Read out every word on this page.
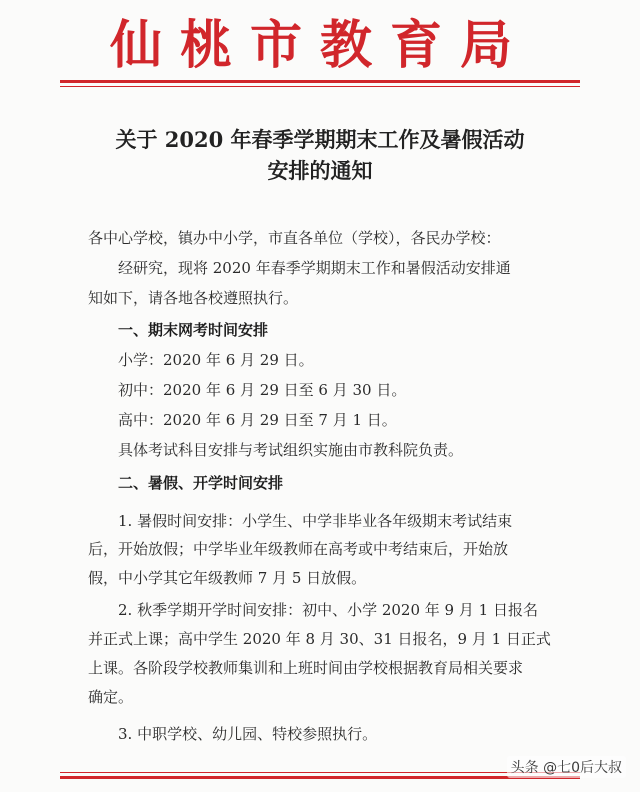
仙桃市教育局
关于 2020 年春季学期期末工作及暑假活动
安排的通知
各中心学校，镇办中小学，市直各单位（学校），各民办学校：
经研究，现将 2020 年春季学期期末工作和暑假活动安排通
知如下，请各地各校遵照执行。
一、期末网考时间安排
小学：2020 年 6 月 29 日。
初中：2020 年 6 月 29 日至 6 月 30 日。
高中：2020 年 6 月 29 日至 7 月 1 日。
具体考试科目安排与考试组织实施由市教科院负责。
二、暑假、开学时间安排
1. 暑假时间安排：小学生、中学非毕业各年级期末考试结束
后，开始放假；中学毕业年级教师在高考或中考结束后，开始放
假，中小学其它年级教师 7 月 5 日放假。
2. 秋季学期开学时间安排：初中、小学 2020 年 9 月 1 日报名
并正式上课；高中学生 2020 年 8 月 30、31 日报名，9 月 1 日正式
上课。各阶段学校教师集训和上班时间由学校根据教育局相关要求
确定。
3. 中职学校、幼儿园、特校参照执行。
头条 @七0后大叔
